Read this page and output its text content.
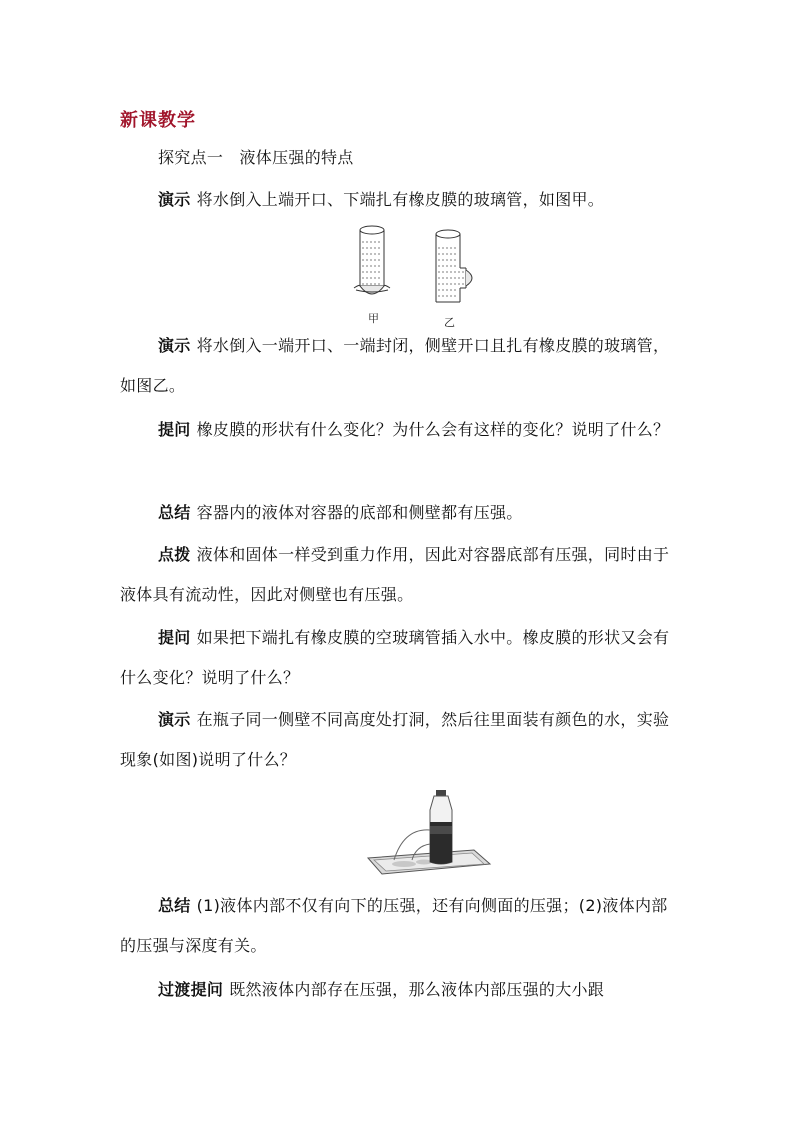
新课教学
探究点一　液体压强的特点

演示 将水倒入上端开口、下端扎有橡皮膜的玻璃管，如图甲。

甲	乙

演示 将水倒入一端开口、一端封闭，侧壁开口且扎有橡皮膜的玻璃管，如图乙。

提问 橡皮膜的形状有什么变化？为什么会有这样的变化？说明了什么？

总结 容器内的液体对容器的底部和侧壁都有压强。

点拨 液体和固体一样受到重力作用，因此对容器底部有压强，同时由于液体具有流动性，因此对侧壁也有压强。

提问 如果把下端扎有橡皮膜的空玻璃管插入水中。橡皮膜的形状又会有什么变化？说明了什么？

演示 在瓶子同一侧壁不同高度处打洞，然后往里面装有颜色的水，实验现象(如图)说明了什么？

总结 (1)液体内部不仅有向下的压强，还有向侧面的压强；(2)液体内部的压强与深度有关。

过渡提问 既然液体内部存在压强，那么液体内部压强的大小跟
